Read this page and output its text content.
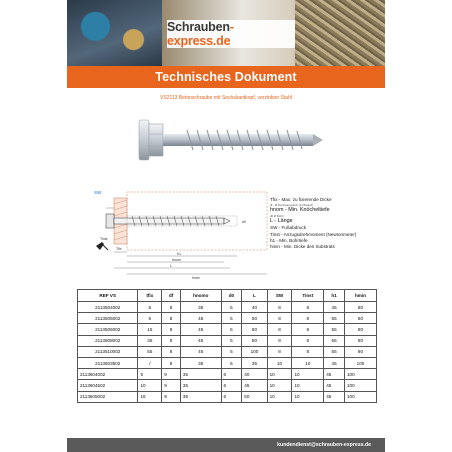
Schrauben-express.de
Technisches Dokument
VS2113 Betonschraube mit Sechskantkopf, verzinkter Stahl
SW
Tfix
Tinst
h1
hnom
L
d0
hmin
Tfix - Max. zu fixierende Dicke
df - Ø Durchgangsloch (im Bauteil)
hnom - Min. Knöcheltiefe
d0 Ø Bohrl.
L - Länge
SW - Fußabdruck
Tinst - Anzugsdrehmoment (Newtonmeter)
h1 - Min. Bohrtiefe
hmin - Min. Dicke des Substrats
REF VS	tfix	df	hnomo	d0	L	SW	Tinst	h1	hmin
2113504002	5	8	35	5	40	8	8	45	80
2113505002	5	8	45	5	50	8	8	55	80
2113506002	15	8	45	5	60	8	8	55	80
2113508002	35	8	45	5	80	8	8	55	80
2113510002	55	8	45	5	100	8	8	55	80
2113603502	/	9	35	6	35	10	10	45	100
2113604002	5	9	35	6	40	10	10	45	100
2113604502	10	9	35	6	45	10	10	45	100
2113605002	15	9	35	6	50	10	10	45	100
kundendienst@schrauben-express.de
